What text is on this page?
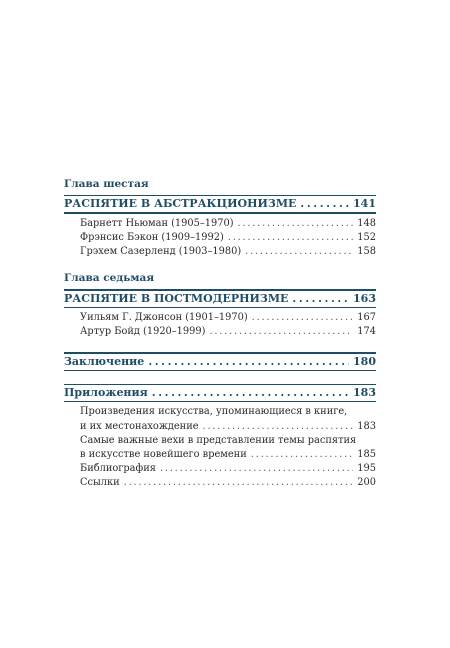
Глава шестая
РАСПЯТИЕ В АБСТРАКЦИОНИЗМЕ .....	141
Барнетт Ньюман (1905–1970) .....	148
Фрэнсис Бэкон (1909–1992) .....	152
Грэхем Сазерленд (1903–1980) .....	158
Глава седьмая
РАСПЯТИЕ В ПОСТМОДЕРНИЗМЕ .....	163
Уильям Г. Джонсон (1901–1970) .....	167
Артур Бойд (1920–1999) .....	174
Заключение .....	180
Приложения .....	183
Произведения искусства, упоминающиеся в книге,
и их местонахождение .....	183
Самые важные вехи в представлении темы распятия
в искусстве новейшего времени .....	185
Библиография .....	195
Ссылки .....	200
